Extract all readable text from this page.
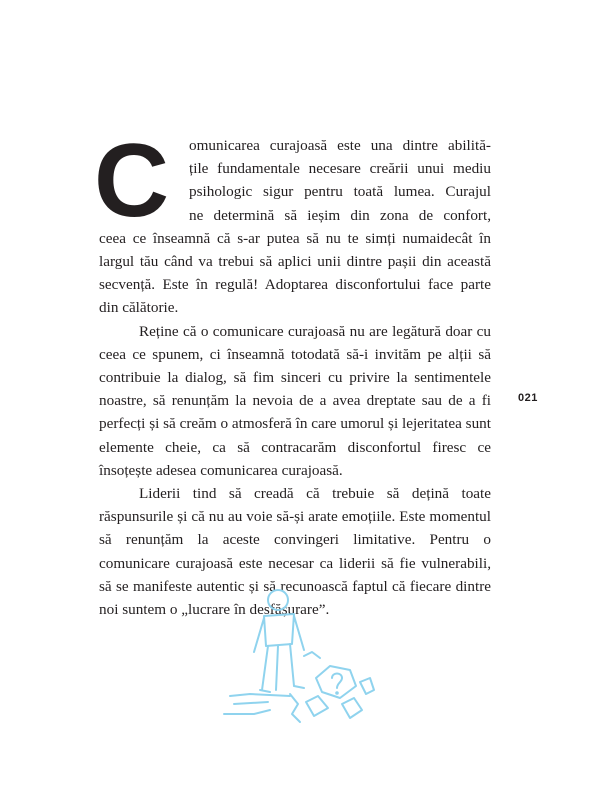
C	omunicarea curajoasă este una dintre abilită-
țile fundamentale necesare creării unui mediu
psihologic sigur pentru toată lumea. Curajul
ne determină să ieșim din zona de confort,
ceea ce înseamnă că s-ar putea să nu te simți numaidecât în
largul tău când va trebui să aplici unii dintre pașii din această
secvență. Este în regulă! Adoptarea disconfortului face parte
din călătorie.

Reține că o comunicare curajoasă nu are legătură doar cu ceea ce spunem, ci înseamnă totodată să-i invităm pe alții să contribuie la dialog, să fim sinceri cu privire la sentimentele noastre, să renunțăm la nevoia de a avea dreptate sau de a fi perfecți și să creăm o atmosferă în care umorul și lejeritatea sunt elemente cheie, ca să contracarăm disconfortul firesc ce însoțește adesea comunicarea curajoasă.

Liderii tind să creadă că trebuie să dețină toate răspunsurile și că nu au voie să-și arate emoțiile. Este momentul să renunțăm la aceste convingeri limitative. Pentru o comunicare curajoasă este necesar ca liderii să fie vulnerabili, să se manifeste autentic și să recunoască faptul că fiecare dintre noi suntem o „lucrare în desfășurare”.

021
